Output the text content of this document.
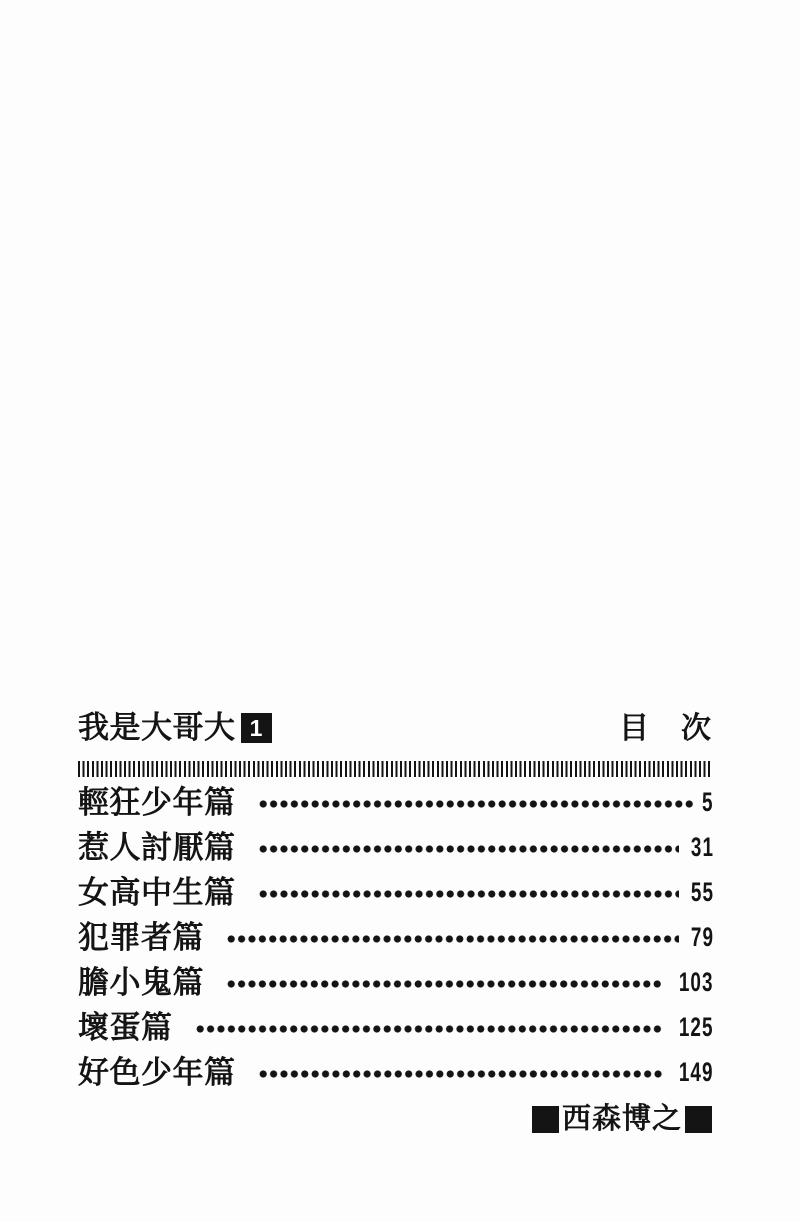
我是大哥大 1	目　次
輕狂少年篇	5
惹人討厭篇	31
女高中生篇	55
犯罪者篇	79
膽小鬼篇	103
壞蛋篇	125
好色少年篇	149
西森博之
